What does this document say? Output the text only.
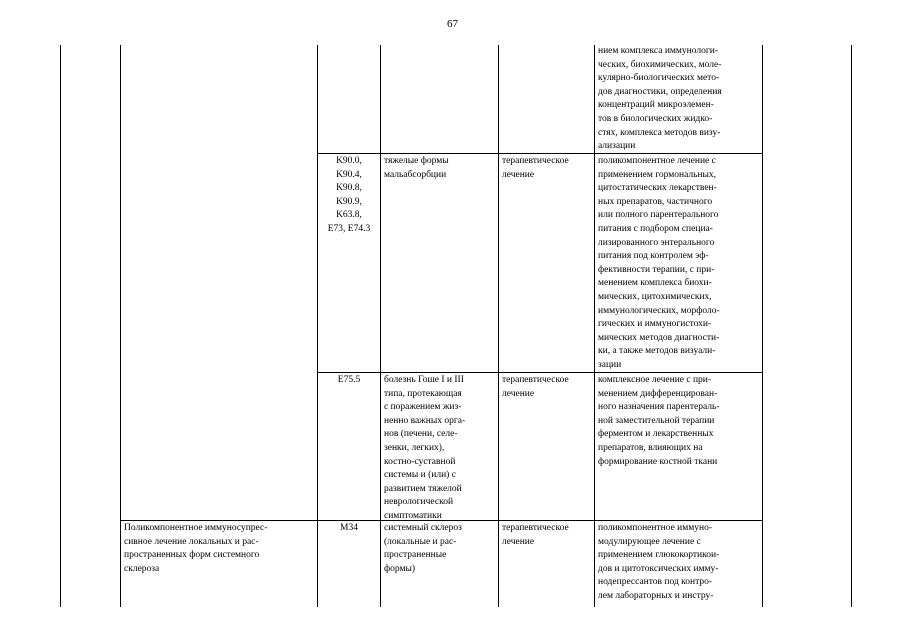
67
нием комплекса иммунологи-
ческих, биохимических, моле-
кулярно-биологических мето-
дов диагностики, определения
концентраций микроэлемен-
тов в биологических жидко-
стях, комплекса методов визу-
ализации
K90.0,
K90.4,
K90.8,
K90.9,
K63.8,
E73, E74.3
тяжелые формы
мальабсорбции
терапевтическое
лечение
поликомпонентное лечение с
применением гормональных,
цитостатических лекарствен-
ных препаратов, частичного
или полного парентерального
питания с подбором специа-
лизированного энтерального
питания под контролем эф-
фективности терапии, с при-
менением комплекса биохи-
мических, цитохимических,
иммунологических, морфоло-
гических и иммуногистохи-
мических методов диагности-
ки, а также методов визуали-
зации
E75.5	болезнь Гоше I и III
типа, протекающая
с поражением жиз-
ненно важных орга-
нов (печени, селе-
зенки, легких),
костно-суставной
системы и (или) с
развитием тяжелой
неврологической
симптоматики
терапевтическое
лечение
комплексное лечение с при-
менением дифференцирован-
ного назначения парентераль-
ной заместительной терапии
ферментом и лекарственных
препаратов, влияющих на
формирование костной ткани
Поликомпонентное иммуносупрес-
сивное лечение локальных и рас-
пространенных форм системного
склероза
M34	системный склероз
(локальные и рас-
пространенные
формы)
терапевтическое
лечение
поликомпонентное иммуно-
модулирующее лечение с
применением глюкокортикои-
дов и цитотоксических имму-
нодепрессантов под контро-
лем лабораторных и инстру-
